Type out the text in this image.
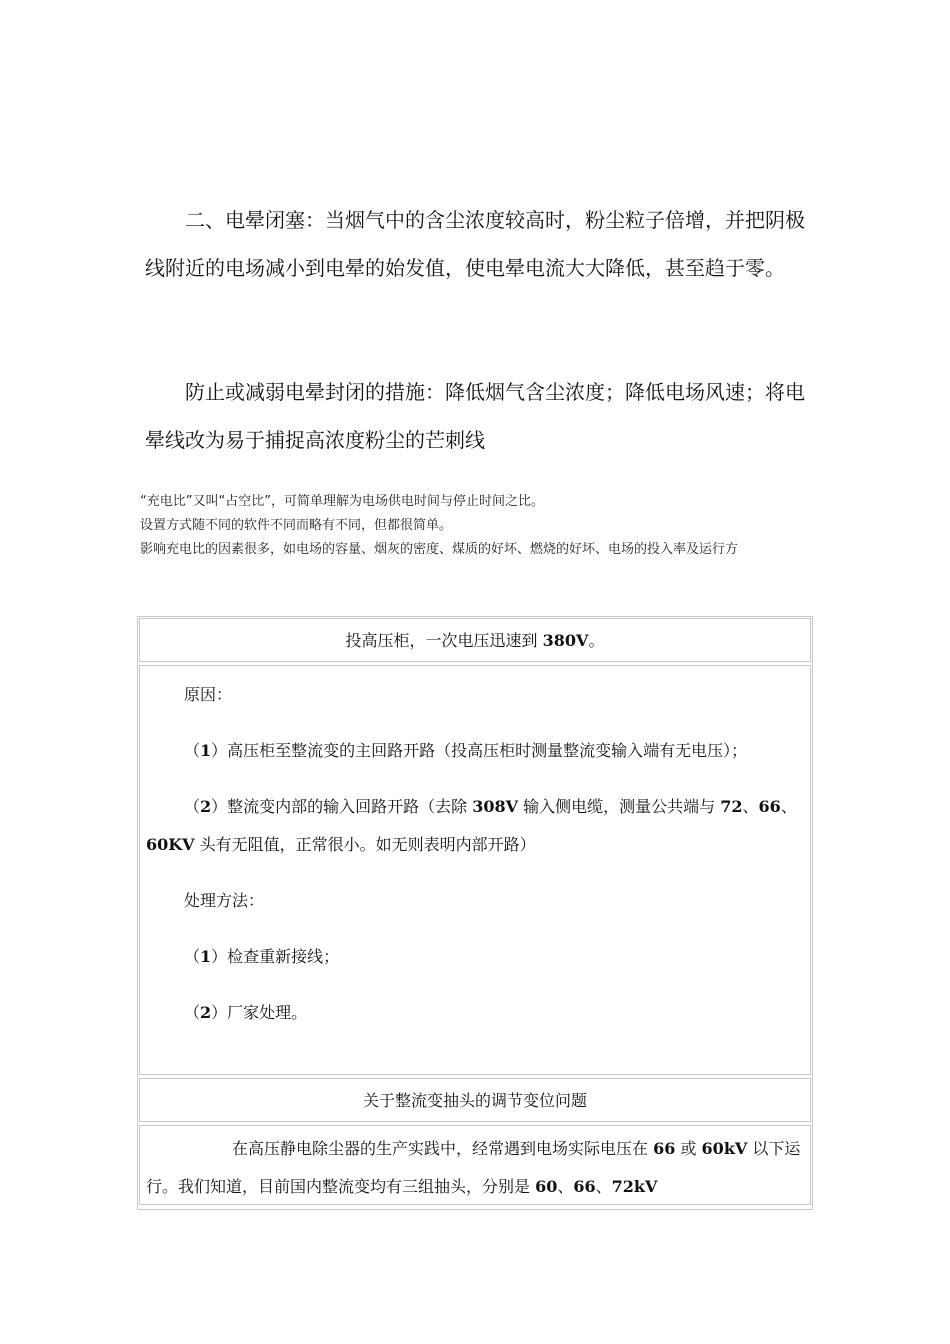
二、电晕闭塞：当烟气中的含尘浓度较高时，粉尘粒子倍增，并把阴极线附近的电场减小到电晕的始发值，使电晕电流大大降低，甚至趋于零。

防止或减弱电晕封闭的措施：降低烟气含尘浓度；降低电场风速；将电晕线改为易于捕捉高浓度粉尘的芒刺线

“充电比”又叫“占空比”，可简单理解为电场供电时间与停止时间之比。
设置方式随不同的软件不同而略有不同，但都很简单。
影响充电比的因素很多，如电场的容量、烟灰的密度、煤质的好坏、燃烧的好坏、电场的投入率及运行方
投高压柜，一次电压迅速到 380V。

原因：

（1）高压柜至整流变的主回路开路（投高压柜时测量整流变输入端有无电压）；

（2）整流变内部的输入回路开路（去除 308V 输入侧电缆，测量公共端与 72、66、60KV 头有无阻值，正常很小。如无则表明内部开路）

处理方法：

（1）检查重新接线；

（2）厂家处理。

关于整流变抽头的调节变位问题

在高压静电除尘器的生产实践中，经常遇到电场实际电压在 66 或 60kV 以下运行。我们知道，目前国内整流变均有三组抽头，分别是 60、66、72kV
